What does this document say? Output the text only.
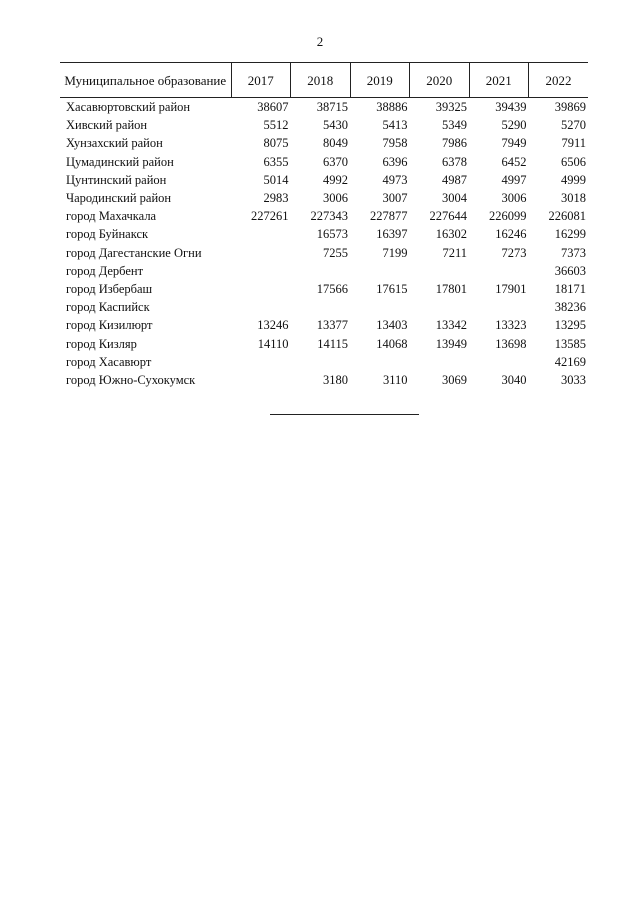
2
Муниципальное образование	2017	2018	2019	2020	2021	2022
Хасавюртовский район	38607	38715	38886	39325	39439	39869
Хивский район	5512	5430	5413	5349	5290	5270
Хунзахский район	8075	8049	7958	7986	7949	7911
Цумадинский район	6355	6370	6396	6378	6452	6506
Цунтинский район	5014	4992	4973	4987	4997	4999
Чародинский район	2983	3006	3007	3004	3006	3018
город Махачкала	227261	227343	227877	227644	226099	226081
город Буйнакск		16573	16397	16302	16246	16299
город Дагестанские Огни		7255	7199	7211	7273	7373
город Дербент						36603
город Избербаш		17566	17615	17801	17901	18171
город Каспийск						38236
город Кизилюрт	13246	13377	13403	13342	13323	13295
город Кизляр	14110	14115	14068	13949	13698	13585
город Хасавюрт						42169
город Южно-Сухокумск		3180	3110	3069	3040	3033
